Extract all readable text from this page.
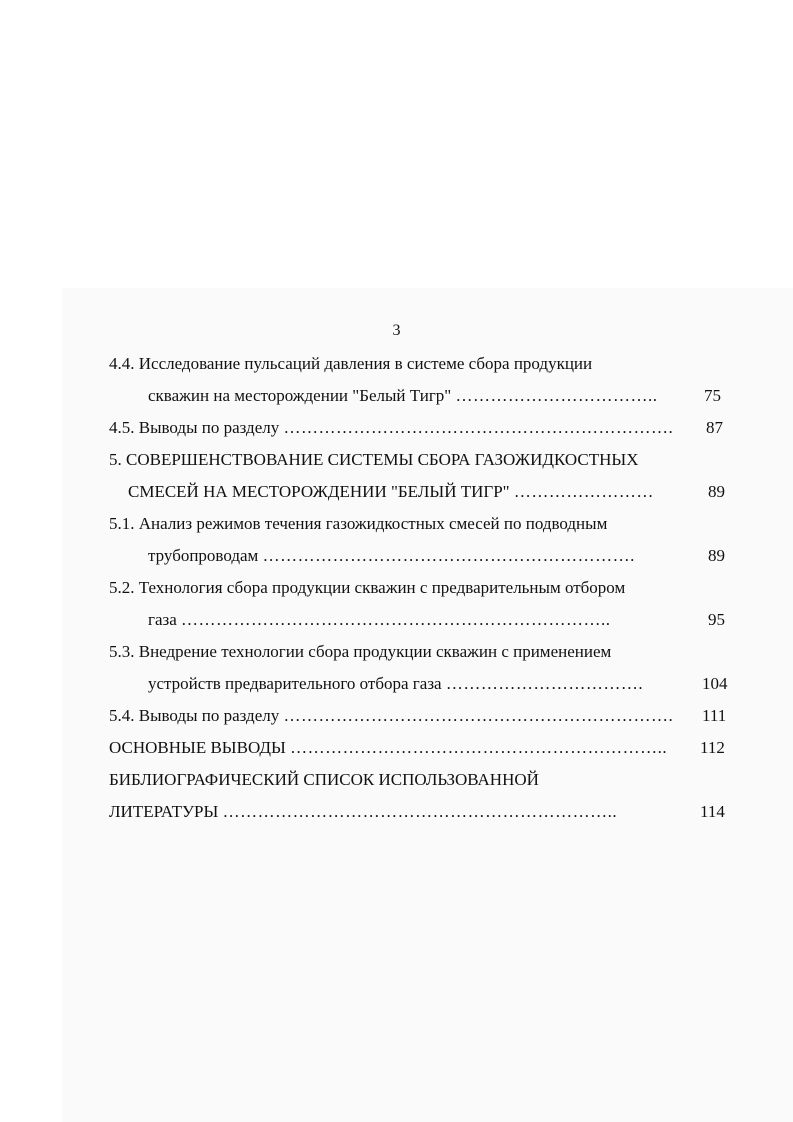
3
4.4. Исследование пульсаций давления в системе сбора продукции
скважин на месторождении "Белый Тигр" ……………………………..	75
4.5. Выводы по разделу …………………………………………………………. 87
5. СОВЕРШЕНСТВОВАНИЕ СИСТЕМЫ СБОРА ГАЗОЖИДКОСТНЫХ
СМЕСЕЙ НА МЕСТОРОЖДЕНИИ "БЕЛЫЙ ТИГР" ……………………	89
5.1. Анализ режимов течения газожидкостных смесей по подводным
трубопроводам ……………………………………………………….	89
5.2. Технология сбора продукции скважин с предварительным отбором
газа ………………………………………………………………..	95
5.3. Внедрение технологии сбора продукции скважин с применением
устройств предварительного отбора газа …………………………….	104
5.4. Выводы по разделу …………………………………………………………. 111
ОСНОВНЫЕ ВЫВОДЫ ……………………………………………………….. 112
БИБЛИОГРАФИЧЕСКИЙ СПИСОК ИСПОЛЬЗОВАННОЙ
ЛИТЕРАТУРЫ …………………………………………………………..	114
